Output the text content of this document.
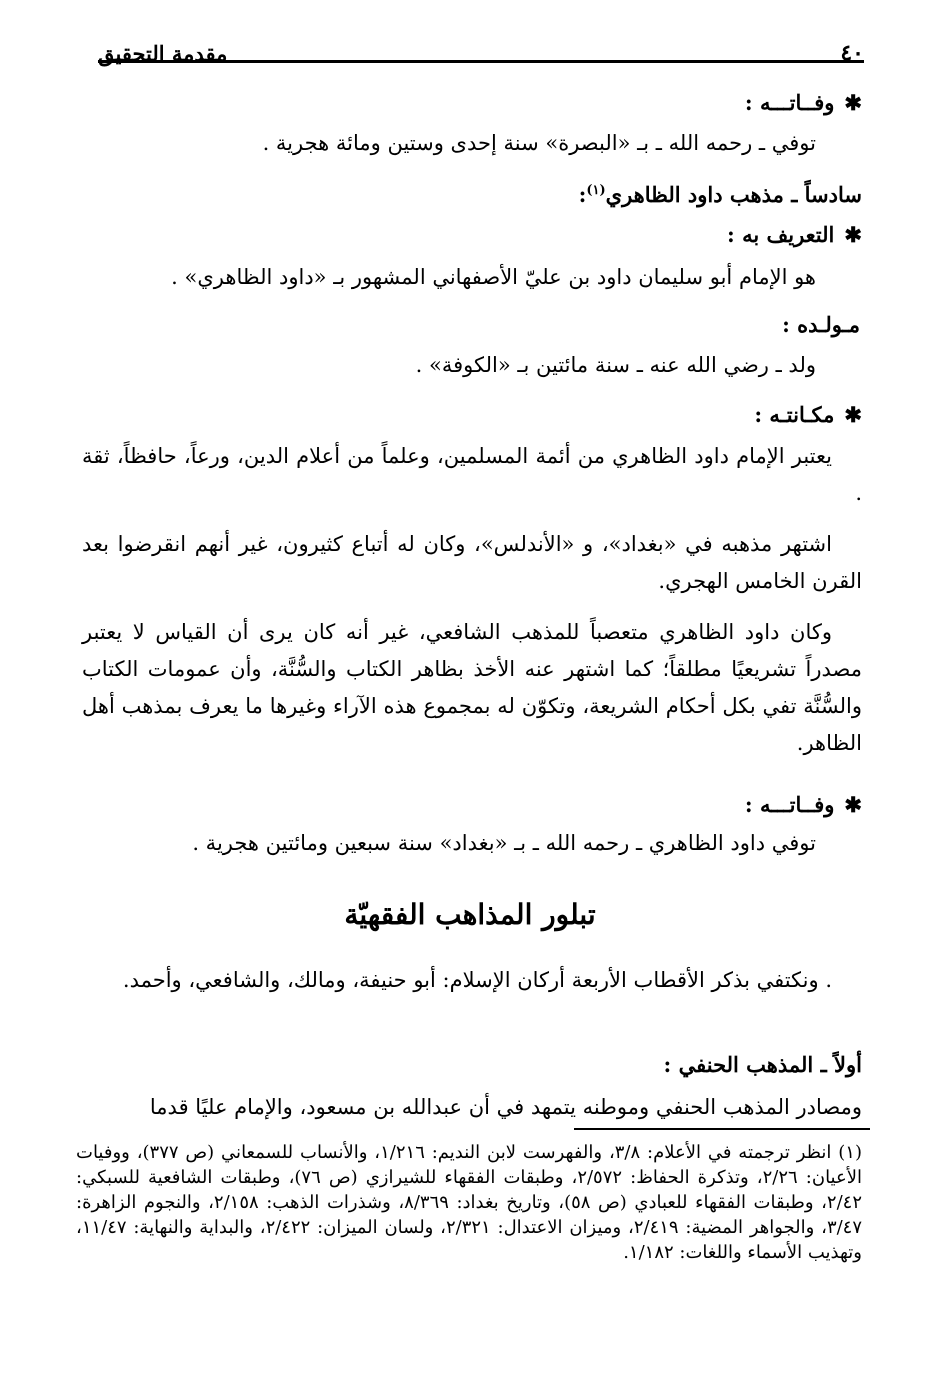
٤٠
مقدمة التحقيق
✱وفــاتـــه :
توفي ـ رحمه الله ـ بـ «البصرة» سنة إحدى وستين ومائة هجرية .
سادساً ـ مذهب داود الظاهري$^{(١)}$:
✱التعريف به :
هو الإمام أبو سليمان داود بن عليّ الأصفهاني المشهور بـ «داود الظاهري» .
مـولـده :
ولد ـ رضي الله عنه ـ سنة مائتين بـ «الكوفة» .
✱مكـانتـه :
يعتبر الإمام داود الظاهري من أئمة المسلمين، وعلماً من أعلام الدين، ورعاً، حافظاً، ثقة .
اشتهر مذهبه في «بغداد»، و «الأندلس»، وكان له أتباع كثيرون، غير أنهم انقرضوا بعد القرن الخامس الهجري.
وكان داود الظاهري متعصباً للمذهب الشافعي، غير أنه كان يرى أن القياس لا يعتبر مصدراً تشريعيًا مطلقاً؛ كما اشتهر عنه الأخذ بظاهر الكتاب والسُّنَّة، وأن عمومات الكتاب والسُّنَّة تفي بكل أحكام الشريعة، وتكوّن له بمجموع هذه الآراء وغيرها ما يعرف بمذهب أهل الظاهر.
✱وفــاتـــه :
توفي داود الظاهري ـ رحمه الله ـ بـ «بغداد» سنة سبعين ومائتين هجرية .
تبلور المذاهب الفقهيّة
. ونكتفي بذكر الأقطاب الأربعة أركان الإسلام: أبو حنيفة، ومالك، والشافعي، وأحمد.
أولاً ـ المذهب الحنفي :
ومصادر المذهب الحنفي وموطنه يتمهد في أن عبدالله بن مسعود، والإمام عليًا قدما
(١) انظر ترجمته في الأعلام: ٣/٨، والفهرست لابن النديم: ١/٢١٦، والأنساب للسمعاني (ص ٣٧٧)، ووفيات الأعيان: ٢/٢٦، وتذكرة الحفاظ: ٢/٥٧٢، وطبقات الفقهاء للشيرازي (ص ٧٦)، وطبقات الشافعية للسبكي: ٢/٤٢، وطبقات الفقهاء للعبادي (ص ٥٨)، وتاريخ بغداد: ٨/٣٦٩، وشذرات الذهب: ٢/١٥٨، والنجوم الزاهرة: ٣/٤٧، والجواهر المضية: ٢/٤١٩، وميزان الاعتدال: ٢/٣٢١، ولسان الميزان: ٢/٤٢٢، والبداية والنهاية: ١١/٤٧، وتهذيب الأسماء واللغات: ١/١٨٢.
